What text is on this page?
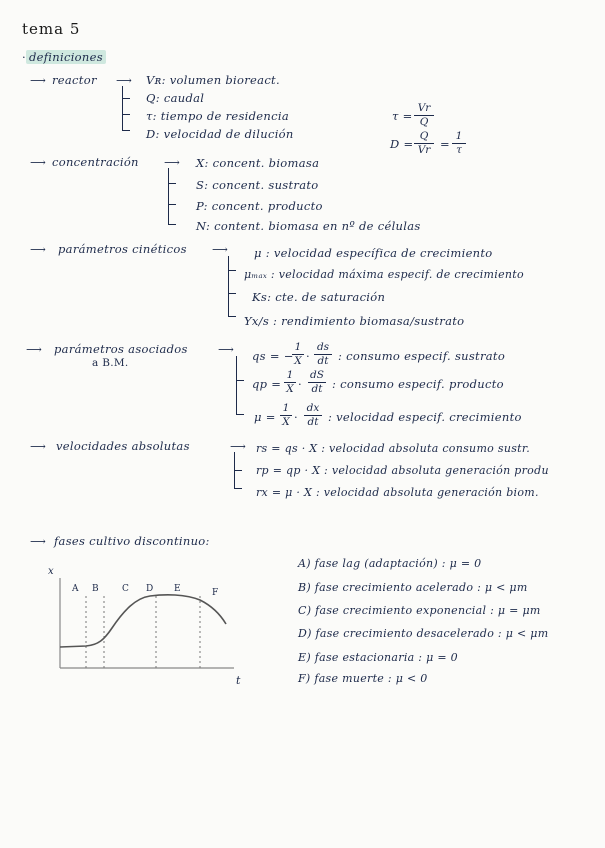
tema 5
· definiciones
⟶ reactor ⟶ Vʀ: volumen bioreact.
Q: caudal
τ: tiempo de residencia
D: velocidad de dilución
τ =
Vr
Q
D =
Q
Vr =
1
τ
⟶ concentración ⟶ X: concent. biomasa
S: concent. sustrato
P: concent. producto
N: content. biomasa en nº de células
⟶ parámetros cinéticos ⟶ μ : velocidad específica de crecimiento
μₘₐₓ : velocidad máxima especif. de crecimiento
Ks: cte. de saturación
Yx/s : rendimiento biomasa/sustrato
⟶ parámetros asociados
a B.M.
⟶ qs = −
1
X ·
ds
dt : consumo especif. sustrato
qp =
1
X ·
dS
dt : consumo especif. producto
μ =
1
X ·
dx
dt : velocidad especif. crecimiento
⟶ velocidades absolutas	⟶ rs = qs · X : velocidad absoluta consumo sustr.
rp = qp · X : velocidad absoluta generación produ
rx = μ · X : velocidad absoluta generación biom.
⟶ fases cultivo discontinuo:
x
t
A B	C D E	F
A) fase lag (adaptación) : μ = 0
B) fase crecimiento acelerado : μ < μm
C) fase crecimiento exponencial : μ = μm
D) fase crecimiento desacelerado : μ < μm
E) fase estacionaria : μ = 0
F) fase muerte : μ < 0
